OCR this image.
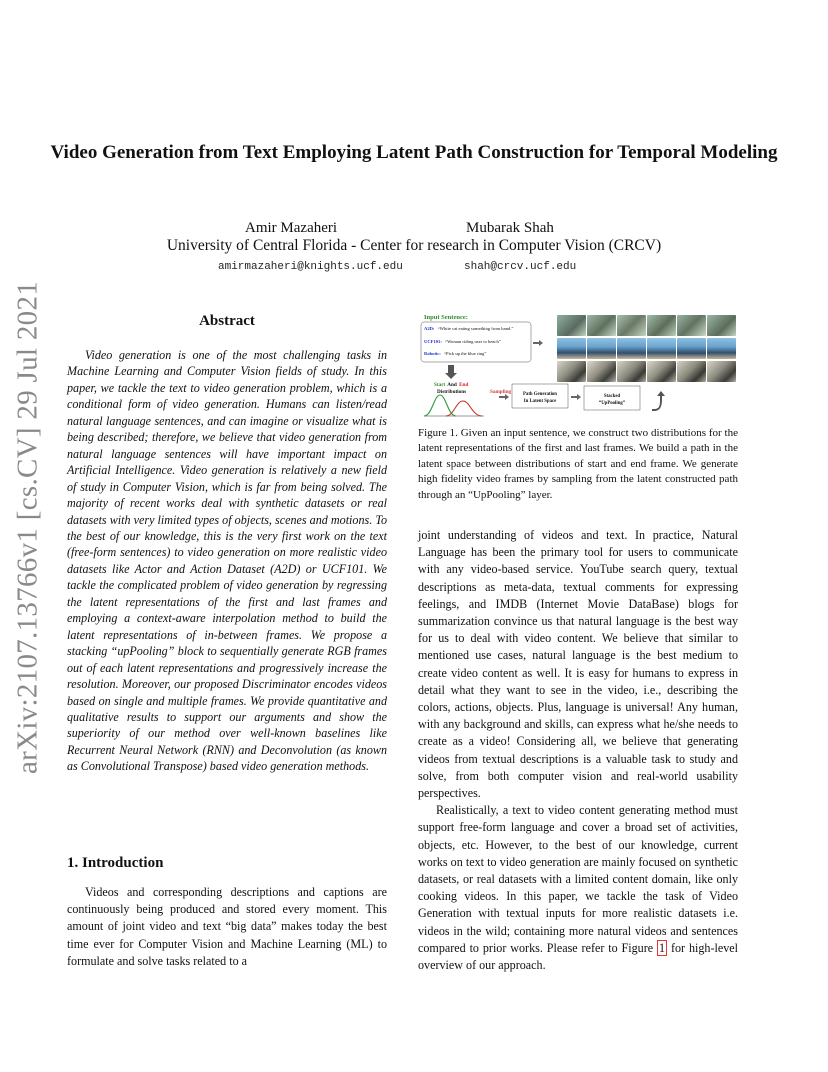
Video Generation from Text Employing Latent Path Construction for Temporal Modeling
Amir Mazaheri	Mubarak Shah
University of Central Florida - Center for research in Computer Vision (CRCV)
amirmazaheri@knights.ucf.edu	shah@crcv.ucf.edu
arXiv:2107.13766v1 [cs.CV] 29 Jul 2021	Abstract
Video generation is one of the most challenging tasks in Machine Learning and Computer Vision fields of study. In this paper, we tackle the text to video generation problem, which is a conditional form of video generation. Humans can listen/read natural language sentences, and can imagine or visualize what is being described; therefore, we believe that video generation from natural language sentences will have important impact on Artificial Intelligence. Video generation is relatively a new field of study in Computer Vision, which is far from being solved. The majority of recent works deal with synthetic datasets or real datasets with very limited types of objects, scenes and motions. To the best of our knowledge, this is the very first work on the text (free-form sentences) to video generation on more realistic video datasets like Actor and Action Dataset (A2D) or UCF101. We tackle the complicated problem of video generation by regressing the latent representations of the first and last frames and employing a context-aware interpolation method to build the latent representations of in-between frames. We propose a stacking “upPooling” block to sequentially generate RGB frames out of each latent representations and progressively increase the resolution. Moreover, our proposed Discriminator encodes videos based on single and multiple frames. We provide quantitative and qualitative results to support our arguments and show the superiority of our method over well-known baselines like Recurrent Neural Network (RNN) and Deconvolution (as known as Convolutional Transpose) based video generation methods.
1. Introduction
Videos and corresponding descriptions and captions are continuously being produced and stored every moment. This amount of joint video and text “big data” makes today the best time ever for Computer Vision and Machine Learning (ML) to formulate and solve tasks related to a
Input Sentence:
A2D: “White cat eating something from hand.”
UCF101: “Woman riding user to beach”
Robotic: “Pick up the blue ring”
Start And End
Distributions	Sampling Path Generation
In Latent Space
Stacked
“UpPooling”
Figure 1. Given an input sentence, we construct two distributions for the latent representations of the first and last frames. We build a path in the latent space between distributions of start and end frame. We generate high fidelity video frames by sampling from the latent constructed path through an “UpPooling” layer.

joint understanding of videos and text. In practice, Natural Language has been the primary tool for users to communicate with any video-based service. YouTube search query, textual descriptions as meta-data, textual comments for expressing feelings, and IMDB (Internet Movie DataBase) blogs for summarization convince us that natural language is the best way for us to deal with video content. We believe that similar to mentioned use cases, natural language is the best medium to create video content as well. It is easy for humans to express in detail what they want to see in the video, i.e., describing the colors, actions, objects. Plus, language is universal! Any human, with any background and skills, can express what he/she needs to create as a video! Considering all, we believe that generating videos from textual descriptions is a valuable task to study and solve, from both computer vision and real-world usability perspectives.

Realistically, a text to video content generating method must support free-form language and cover a broad set of activities, objects, etc. However, to the best of our knowledge, current works on text to video generation are mainly focused on synthetic datasets, or real datasets with a limited content domain, like only cooking videos. In this paper, we tackle the task of Video Generation with textual inputs for more realistic datasets i.e. videos in the wild; containing more natural videos and sentences compared to prior works. Please refer to Figure 1 for high-level overview of our approach.
